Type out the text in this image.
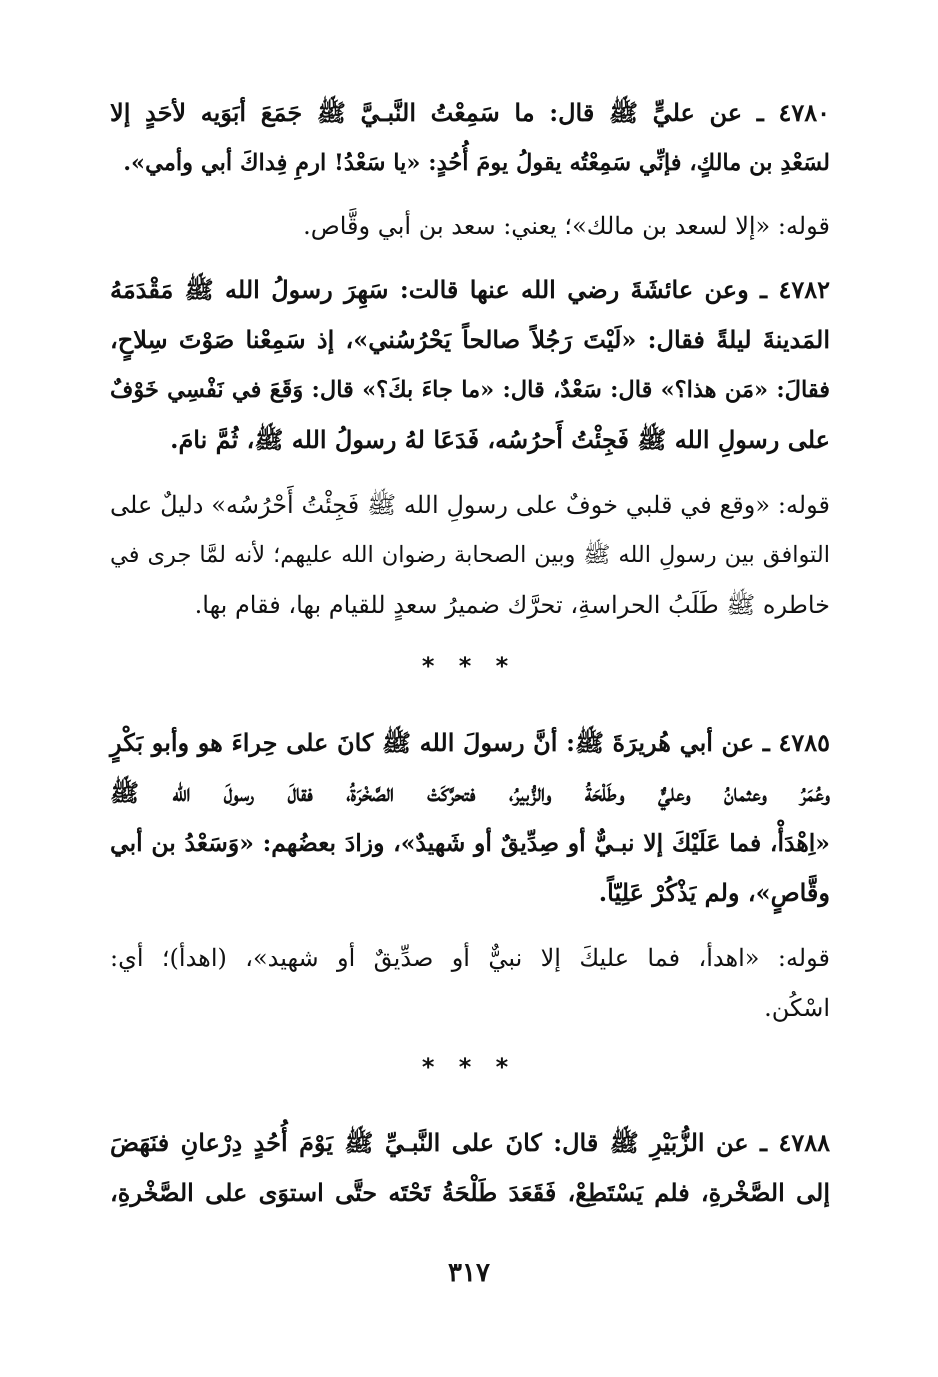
٤٧٨٠ ـ عن عليٍّ ﷺ قال: ما سَمِعْتُ النَّبـيَّ ﷺ جَمَعَ أبَوَيه لأحَدٍ إلا
لسَعْدِ بن مالكٍ، فإنِّي سَمِعْتُه يقولُ يومَ أُحُدٍ: «يا سَعْدُ! ارمِ فِداكَ أبي وأمي».
قوله: «إلا لسعد بن مالك»؛ يعني: سعد بن أبي وقَّاص.
٤٧٨٢ ـ وعن عائشَةَ رضي الله عنها قالت: سَهِرَ رسولُ الله ﷺ مَقْدَمَهُ
المَدينةَ ليلةً فقال: «لَيْتَ رَجُلاً صالحاً يَحْرُسُني»، إذ سَمِعْنا صَوْتَ سِلاحٍ،
فقالَ: «مَن هذا؟» قال: سَعْدٌ، قال: «ما جاءَ بكَ؟» قال: وَقَعَ في نَفْسِي خَوْفٌ
على رسولِ الله ﷺ فَجِئْتُ أَحرُسُه، فَدَعَا لهُ رسولُ الله ﷺ، ثُمَّ نامَ.
قوله: «وقع في قلبي خوفٌ على رسولِ الله ﷺ فَجِئْتُ أَحْرُسُه» دليلٌ على
التوافق بين رسولِ الله ﷺ وبين الصحابة رضوان الله عليهم؛ لأنه لمَّا جرى في
خاطره ﷺ طَلَبُ الحراسةِ، تحرَّك ضميرُ سعدٍ للقيام بها، فقام بها.
* * *
٤٧٨٥ ـ عن أبي هُريرَةَ ﷺ: أنَّ رسولَ الله ﷺ كانَ على حِراءَ هو وأبو بَكْرٍ
وعُمَرُ وعثمانُ وعليٌّ وطَلْحَةُ والزُّبيرُ، فتحرَّكَتْ الصَّخْرَةُ، فقالَ رسولَ الله ﷺ
«اِهْدَأْ، فما عَلَيْكَ إلا نبـيٌّ أو صِدِّيقٌ أو شَهيدٌ»، وزادَ بعضُهم: «وَسَعْدُ بن أبي
وقَّاصٍ»، ولم يَذْكُرْ عَلِيّاً.
قوله: «اهدأ، فما عليكَ إلا نبيٌّ أو صدِّيقٌ أو شهيد»، (اهدأ)؛ أي:
اسْكُن.
* * *
٤٧٨٨ ـ عن الزُّبَيْرِ ﷺ قال: كانَ على النَّبـيِّ ﷺ يَوْمَ أُحُدٍ دِرْعانِ فنَهَضَ
إلى الصَّخْرةِ، فلم يَسْتَطِعْ، فَقَعَدَ طَلْحَةُ تَحْتَه حتَّى استوَى على الصَّخْرةِ،
٣١٧
